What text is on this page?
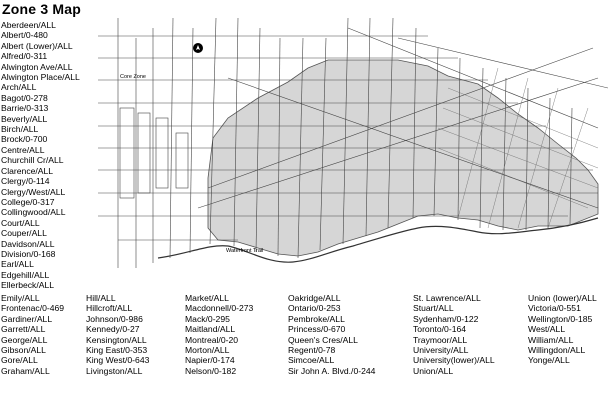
Zone 3 Map
Aberdeen/ALL
Albert/0-480
Albert (Lower)/ALL
Alfred/0-311
Alwington Ave/ALL
Alwington Place/ALL
Arch/ALL
Bagot/0-278
Barrie/0-313
Beverly/ALL
Birch/ALL
Brock/0-700
Centre/ALL
Churchill Cr/ALL
Clarence/ALL
Clergy/0-114
Clergy/West/ALL
College/0-317
Collingwood/ALL
Court/ALL
Couper/ALL
Davidson/ALL
Division/0-168
Earl/ALL
Edgehill/ALL
Ellerbeck/ALL
Emily/ALL
Frontenac/0-469
Gardiner/ALL
Garrett/ALL
George/ALL
Gibson/ALL
Gore/ALL
Graham/ALL
Hill/ALL
Hillcroft/ALL
Johnson/0-986
Kennedy/0-27
Kensington/ALL
King East/0-353
King West/0-643
Livingston/ALL
Market/ALL
Macdonnell/0-273
Mack/0-295
Maitland/ALL
Montreal/0-20
Morton/ALL
Napier/0-174
Nelson/0-182
Oakridge/ALL
Ontario/0-253
Pembroke/ALL
Princess/0-670
Queen's Cres/ALL
Regent/0-78
Simcoe/ALL
Sir John A. Blvd./0-244
St. Lawrence/ALL
Stuart/ALL
Sydenham/0-122
Toronto/0-164
Traymoor/ALL
University/ALL
University(lower)/ALL
Union/ALL
Union (lower)/ALL
Victoria/0-551
Wellington/0-185
West/ALL
William/ALL
Willingdon/ALL
Yonge/ALL
Core Zone
Waterfront Trail
